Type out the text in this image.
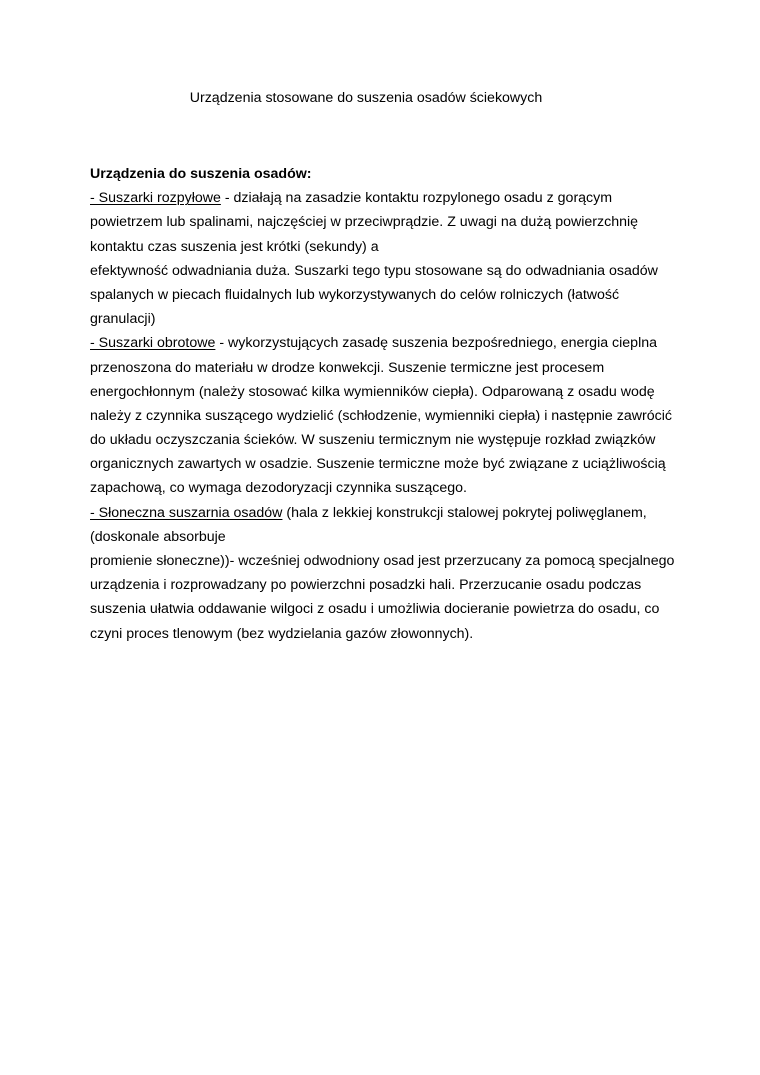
Urządzenia stosowane do suszenia osadów ściekowych
Urządzenia do suszenia osadów:
- Suszarki rozpyłowe - działają na zasadzie kontaktu rozpylonego osadu z gorącym
powietrzem lub spalinami, najczęściej w przeciwprądzie. Z uwagi na dużą powierzchnię
kontaktu czas suszenia jest krótki (sekundy) a
efektywność odwadniania duża. Suszarki tego typu stosowane są do odwadniania osadów
spalanych w piecach fluidalnych lub wykorzystywanych do celów rolniczych (łatwość
granulacji)
- Suszarki obrotowe - wykorzystujących zasadę suszenia bezpośredniego, energia cieplna
przenoszona do materiału w drodze konwekcji. Suszenie termiczne jest procesem
energochłonnym (należy stosować kilka wymienników ciepła). Odparowaną z osadu wodę
należy z czynnika suszącego wydzielić (schłodzenie, wymienniki ciepła) i następnie zawrócić
do układu oczyszczania ścieków. W suszeniu termicznym nie występuje rozkład związków
organicznych zawartych w osadzie. Suszenie termiczne może być związane z uciążliwością
zapachową, co wymaga dezodoryzacji czynnika suszącego.
- Słoneczna suszarnia osadów (hala z lekkiej konstrukcji stalowej pokrytej poliwęglanem,
(doskonale absorbuje
promienie słoneczne))- wcześniej odwodniony osad jest przerzucany za pomocą specjalnego
urządzenia i rozprowadzany po powierzchni posadzki hali. Przerzucanie osadu podczas
suszenia ułatwia oddawanie wilgoci z osadu i umożliwia docieranie powietrza do osadu, co
czyni proces tlenowym (bez wydzielania gazów złowonnych).
